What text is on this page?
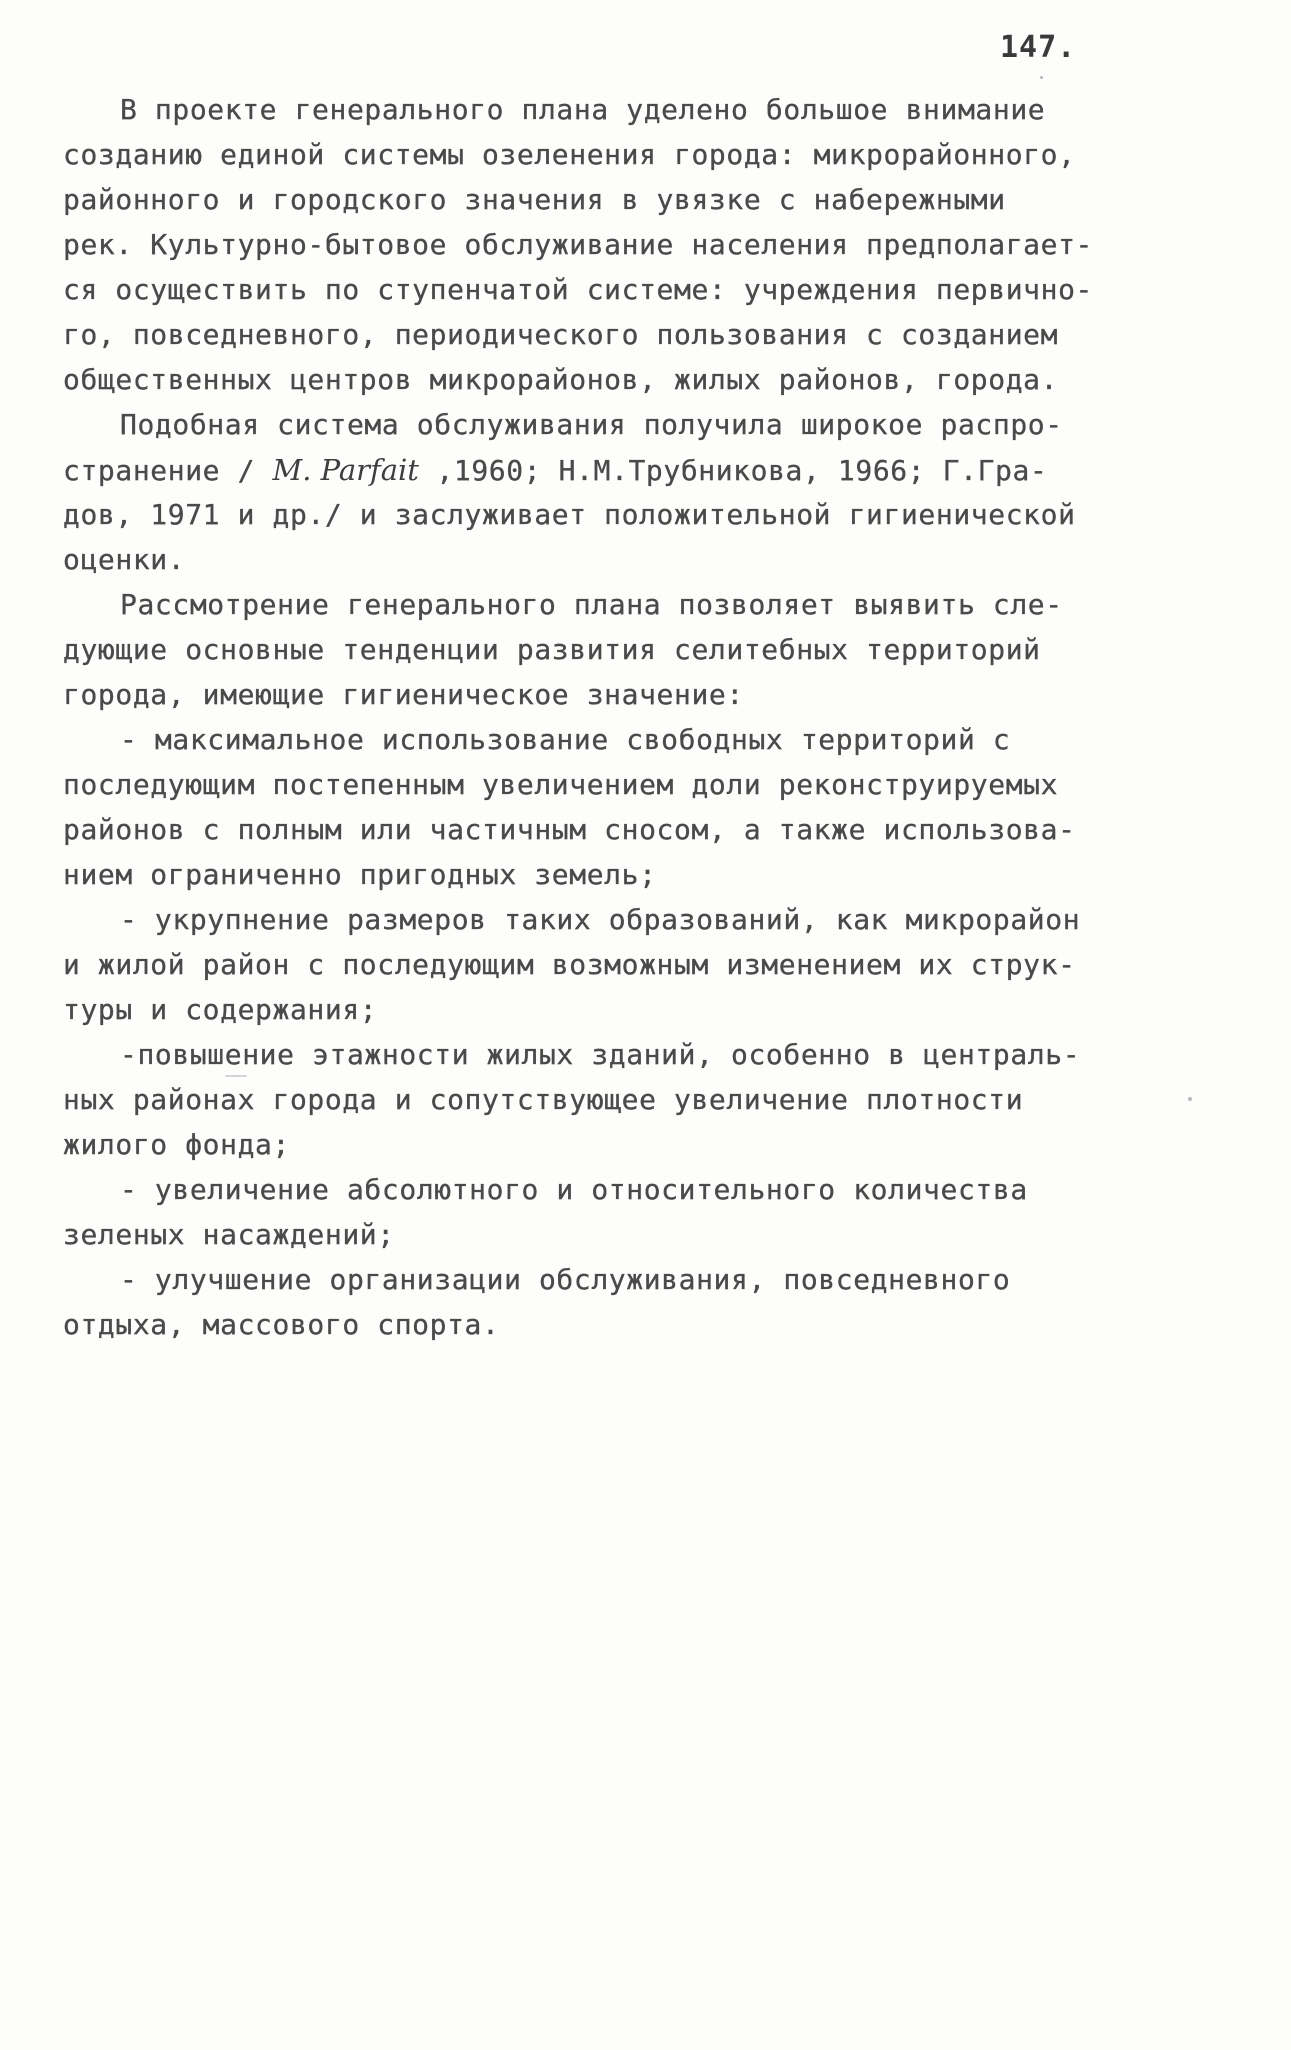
147.
В проекте генерального плана уделено большое внимание
созданию единой системы озеленения города: микрорайонного,
районного и городского значения в увязке с набережными
рек. Культурно-бытовое обслуживание населения предполагает-
ся осуществить по ступенчатой системе: учреждения первично-
го, повседневного, периодического пользования с созданием
общественных центров микрорайонов, жилых районов, города.
Подобная система обслуживания получила широкое распро-
странение / M. Parfait ,1960; Н.М.Трубникова, 1966; Г.Гра-
дов, 1971 и др./ и заслуживает положительной гигиенической
оценки.
Рассмотрение генерального плана позволяет выявить сле-
дующие основные тенденции развития селитебных территорий
города, имеющие гигиеническое значение:
- максимальное использование свободных территорий с
последующим постепенным увеличением доли реконструируемых
районов с полным или частичным сносом, а также использова-
нием ограниченно пригодных земель;
- укрупнение размеров таких образований, как микрорайон
и жилой район с последующим возможным изменением их струк-
туры и содержания;
-повышение этажности жилых зданий, особенно в централь-
ных районах города и сопутствующее увеличение плотности
жилого фонда;
- увеличение абсолютного и относительного количества
зеленых насаждений;
- улучшение организации обслуживания, повседневного
отдыха, массового спорта.
